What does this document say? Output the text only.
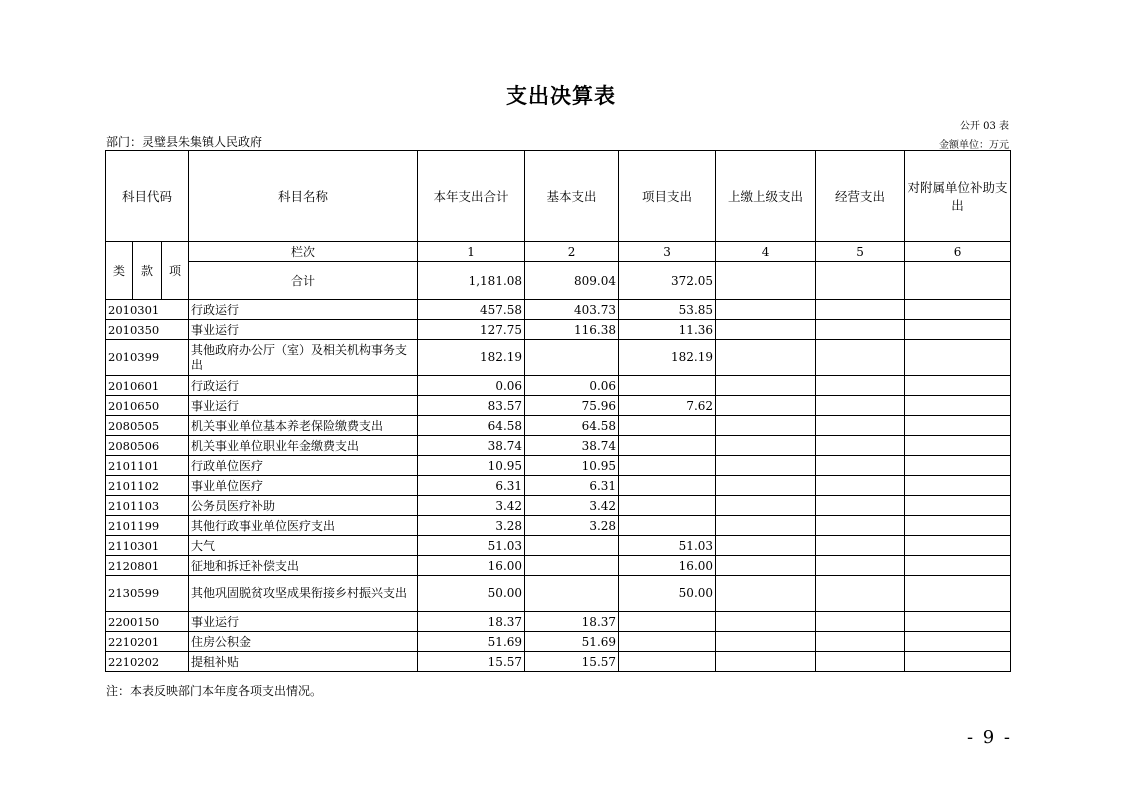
支出决算表
公开 03 表
部门：灵璧县朱集镇人民政府	金额单位：万元
科目代码			科目名称	本年支出合计	基本支出	项目支出	上缴上级支出	经营支出	对附属单位补助支出
类	款	项	栏次	1	2	3	4	5	6
			合计	1,181.08	809.04	372.05			
2010301			行政运行	457.58	403.73	53.85			
2010350			事业运行	127.75	116.38	11.36			
2010399			其他政府办公厅（室）及相关机构事务支出	182.19		182.19			
2010601			行政运行	0.06	0.06				
2010650			事业运行	83.57	75.96	7.62			
2080505			机关事业单位基本养老保险缴费支出	64.58	64.58				
2080506			机关事业单位职业年金缴费支出	38.74	38.74				
2101101			行政单位医疗	10.95	10.95				
2101102			事业单位医疗	6.31	6.31				
2101103			公务员医疗补助	3.42	3.42				
2101199			其他行政事业单位医疗支出	3.28	3.28				
2110301			大气	51.03		51.03			
2120801			征地和拆迁补偿支出	16.00		16.00			
2130599			其他巩固脱贫攻坚成果衔接乡村振兴支出	50.00		50.00			
2200150			事业运行	18.37	18.37				
2210201			住房公积金	51.69	51.69				
2210202			提租补贴	15.57	15.57				
注：本表反映部门本年度各项支出情况。
- 9 -
